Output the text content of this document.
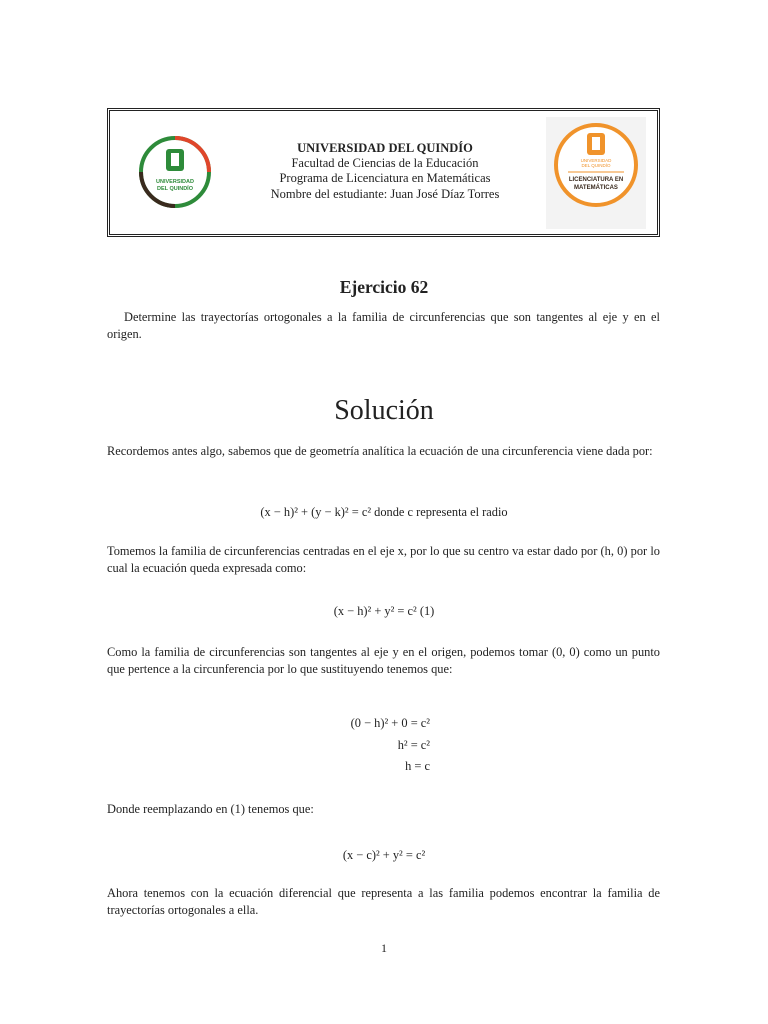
UNIVERSIDAD
DEL QUINDÍO
UNIVERSIDAD DEL QUINDÍO
Facultad de Ciencias de la Educación
Programa de Licenciatura en Matemáticas
Nombre del estudiante: Juan José Díaz Torres
UNIVERSIDAD
DEL QUINDÍO
LICENCIATURA EN
MATEMÁTICAS
Ejercicio 62
Determine las trayectorías ortogonales a la familia de circunferencias que son tangentes al eje y en el origen.
Solución
Recordemos antes algo, sabemos que de geometría analítica la ecuación de una circunferencia viene dada por:
(x − h)² + (y − k)² = c² donde c representa el radio
Tomemos la familia de circunferencias centradas en el eje x, por lo que su centro va estar dado por (h, 0) por lo cual la ecuación queda expresada como:
(x − h)² + y² = c² (1)
Como la familia de circunferencias son tangentes al eje y en el origen, podemos tomar (0, 0) como un punto que pertence a la circunferencia por lo que sustituyendo tenemos que:
(0 − h)² + 0 = c²
h² = c²
h = c
Donde reemplazando en (1) tenemos que:
(x − c)² + y² = c²
Ahora tenemos con la ecuación diferencial que representa a las familia podemos encontrar la familia de trayectorías ortogonales a ella.
1
